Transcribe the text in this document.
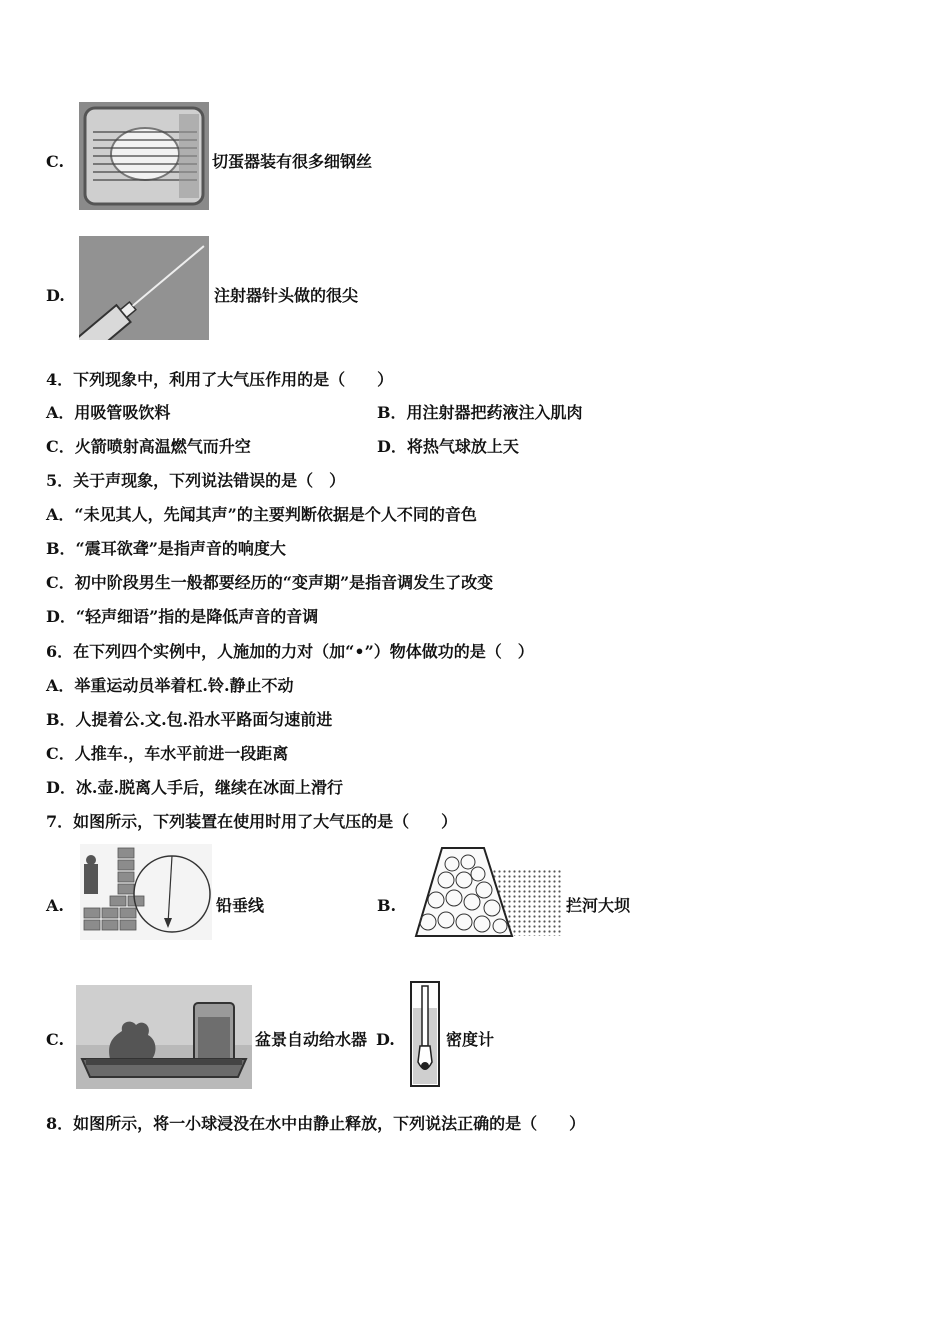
C.	切蛋器装有很多细钢丝
D.	注射器针头做的很尖
4．下列现象中，利用了大气压作用的是（　　）
A．用吸管吸饮料	B．用注射器把药液注入肌肉
C．火箭喷射高温燃气而升空	D．将热气球放上天
5．关于声现象，下列说法错误的是（　）
A．“未见其人，先闻其声”的主要判断依据是个人不同的音色
B．“震耳欲聋”是指声音的响度大
C．初中阶段男生一般都要经历的“变声期”是指音调发生了改变
D．“轻声细语”指的是降低声音的音调
6．在下列四个实例中，人施加的力对（加“•”）物体做功的是（　）
A．举重运动员举着杠.铃.静止不动
B．人提着公.文.包.沿水平路面匀速前进
C．人推车.，车水平前进一段距离
D．冰.壶.脱离人手后，继续在冰面上滑行
7．如图所示，下列装置在使用时用了大气压的是（　　）
A.	铅垂线	B.	拦河大坝
C.	盆景自动给水器 D.	密度计
8．如图所示，将一小球浸没在水中由静止释放，下列说法正确的是（　　）
